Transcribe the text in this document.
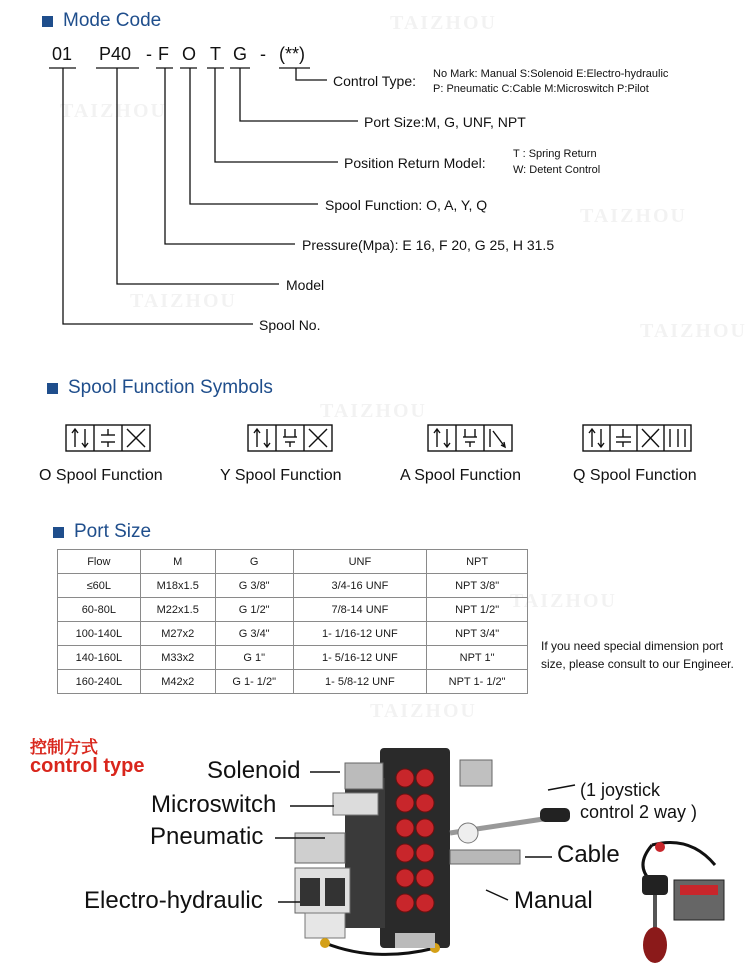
TAIZHOU
TAIZHOU
TAIZHOU
TAIZHOU
TAIZHOU
TAIZHOU
TAIZHOU
TAIZHOU
Mode Code
01 P40 - F O T G - (**)
Control Type: No Mark: Manual S:Solenoid E:Electro-hydraulic
P: Pneumatic C:Cable M:Microswitch P:Pilot
Port Size:M, G, UNF, NPT
Position Return Model:
T : Spring Return
W: Detent Control
Spool Function: O, A, Y, Q
Pressure(Mpa): E 16, F 20, G 25, H 31.5
Model
Spool No.
Spool Function Symbols
O Spool Function	Y Spool Function	A Spool Function	Q Spool Function
Port Size
Flow	M	G	UNF	NPT
≤60L	M18x1.5	G 3/8"	3/4-16 UNF	NPT 3/8"
60-80L	M22x1.5	G 1/2"	7/8-14 UNF	NPT 1/2"
100-140L	M27x2	G 3/4"	1- 1/16-12 UNF	NPT 3/4"
140-160L	M33x2	G 1"	1- 5/16-12 UNF	NPT 1"
160-240L	M42x2	G 1- 1/2"	1- 5/8-12 UNF	NPT 1- 1/2"
If you need special dimension port size, please consult to our Engineer.
控制方式
control type	Solenoid
Microswitch
Pneumatic
Electro-hydraulic
Cable
Manual
(1 joystick
control 2 way )
